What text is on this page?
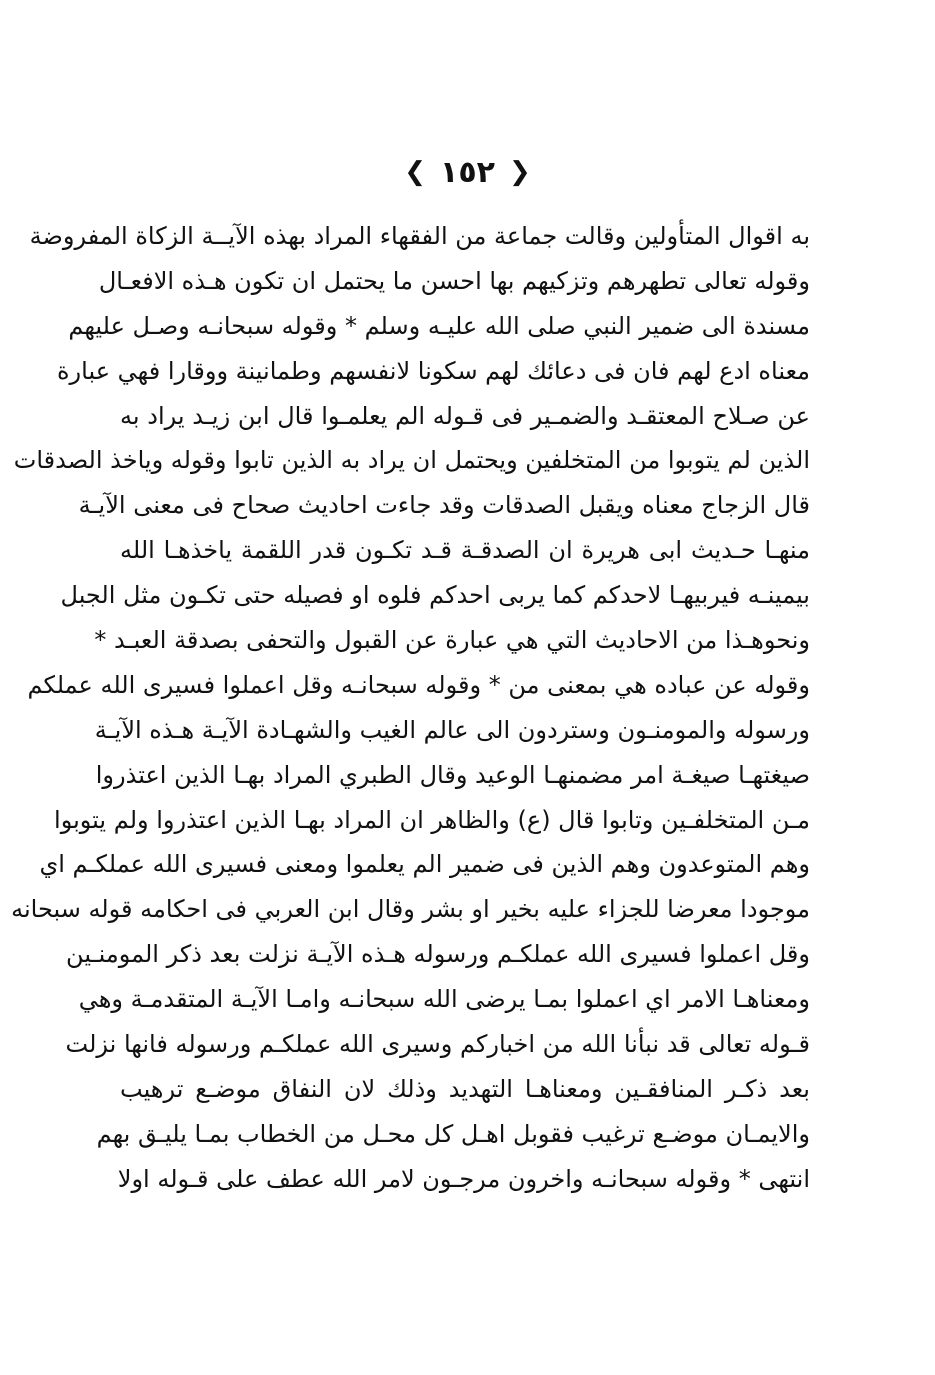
❮
١٥٢
❯
به اقوال المتأولين وقالت جماعة من الفقهاء المراد بهذه الآيــة الزكاة المفروضة
وقوله تعالى تطهرهم وتزكيهم بها احسن ما يحتمل ان تكون هـذه الافعـال
مسندة الى ضمير النبي صلى الله عليـه وسلم * وقوله سبحانـه وصـل عليهم
معناه ادع لهم فان فى دعائك لهم سكونا لانفسهم وطمانينة ووقارا فهي عبارة
عن صـلاح المعتقـد والضمـير فى قـوله الم يعلمـوا قال ابن زيـد يراد به
الذين لم يتوبوا من المتخلفين ويحتمل ان يراد به الذين تابوا وقوله وياخذ الصدقات
قال الزجاج معناه ويقبل الصدقات وقد جاءت احاديث صحاح فى معنى الآيـة
منهـا حـديث ابى هريرة ان الصدقـة قـد تكـون قدر اللقمة ياخذهـا الله
بيمينـه فيربيهـا لاحدكم كما يربى احدكم فلوه او فصيله حتى تكـون مثل الجبل
ونحوهـذا من الاحاديث التي هي عبارة عن القبول والتحفى بصدقة العبـد *
وقوله عن عباده هي بمعنى من * وقوله سبحانـه وقل اعملوا فسيرى الله عملكم
ورسوله والمومنـون وستردون الى عالم الغيب والشهـادة الآيـة هـذه الآيـة
صيغتهـا صيغـة امر مضمنهـا الوعيد وقال الطبري المراد بهـا الذين اعتذروا
مـن المتخلفـين وتابوا قال (ع) والظاهر ان المراد بهـا الذين اعتذروا ولم يتوبوا
وهم المتوعدون وهم الذين فى ضمير الم يعلموا ومعنى فسيرى الله عملكـم اي
موجودا معرضا للجزاء عليه بخير او بشر وقال ابن العربي فى احكامه قوله سبحانه
وقل اعملوا فسيرى الله عملكـم ورسوله هـذه الآيـة نزلت بعد ذكر المومنـين
ومعناهـا الامر اي اعملوا بمـا يرضى الله سبحانـه وامـا الآيـة المتقدمـة وهي
قـوله تعالى قد نبأنا الله من اخباركم وسيرى الله عملكـم ورسوله فانها نزلت
بعد ذكـر المنافقـين ومعناهـا التهديد وذلك لان النفاق موضـع ترهيب
والايمـان موضـع ترغيب فقوبل اهـل كل محـل من الخطاب بمـا يليـق بهم
انتهى * وقوله سبحانـه واخرون مرجـون لامر الله عطف على قـوله اولا
